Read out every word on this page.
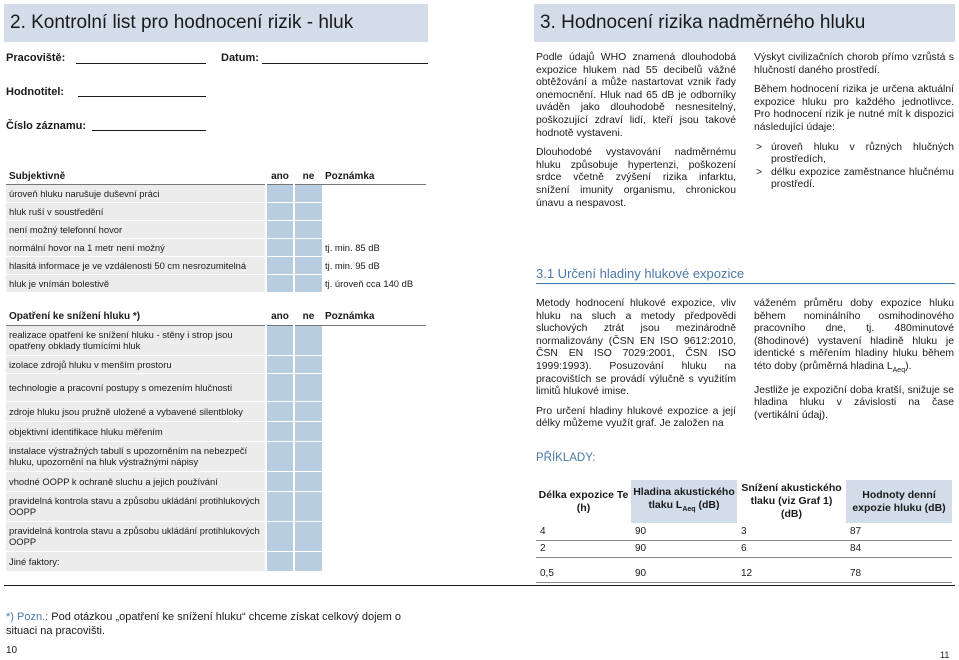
2. Kontrolní list pro hodnocení rizik - hluk
Pracoviště:	Datum:
Hodnotitel:
Číslo záznamu:
Subjektivně	ano	ne	Poznámka
úroveň hluku narušuje duševní práci			
hluk ruší v soustředění			
není možný telefonní hovor			
normální hovor na 1 metr není možný			tj. min. 85 dB
hlasitá informace je ve vzdálenosti 50 cm nesrozumitelná			tj. min. 95 dB
hluk je vnímán bolestivě			tj. úroveň cca 140 dB
Opatření ke snížení hluku *)	ano	ne	Poznámka
realizace opatření ke snížení hluku - stěny i strop jsou opatřeny obklady tlumícími hluk			
izolace zdrojů hluku v menším prostoru			
technologie a pracovní postupy s omezením hlučnosti			
zdroje hluku jsou pružně uložené a vybavené silentbloky			
objektivní identifikace hluku měřením			
instalace výstražných tabulí s upozorněním na nebezpečí hluku, upozornění na hluk výstražnými nápisy			
vhodné OOPP k ochraně sluchu a jejich používání			
pravidelná kontrola stavu a způsobu ukládání protihlukových OOPP			
pravidelná kontrola stavu a způsobu ukládání protihlukových OOPP			
Jiné faktory:			
*) Pozn.: Pod otázkou „opatření ke snížení hluku“ chceme získat celkový dojem o situaci na pracovišti.
10
3. Hodnocení rizika nadměrného hluku

Podle údajů WHO znamená dlouhodobá expozice hlukem nad 55 decibelů vážné obtěžování a může nastartovat vznik řady onemocnění. Hluk nad 65 dB je odborníky uváděn jako dlouhodobě nesnesitelný, poškozující zdraví lidí, kteří jsou takové hodnotě vystaveni.

Dlouhodobé vystavování nadměrnému hluku způsobuje hypertenzi, poškození srdce včetně zvýšení rizika infarktu, snížení imunity organismu, chronickou únavu a nespavost.

Výskyt civilizačních chorob přímo vzrůstá s hlučností daného prostředí.

Během hodnocení rizika je určena aktuální expozice hluku pro každého jednotlivce. Pro hodnocení rizik je nutné mít k dispozici následující údaje:

> úroveň hluku v různých hlučných prostředích,
> délku expozice zaměstnance hlučnému prostředí.
3.1 Určení hladiny hlukové expozice

Metody hodnocení hlukové expozice, vliv hluku na sluch a metody předpovědi sluchových ztrát jsou mezinárodně normalizovány (ČSN EN ISO 9612:2010, ČSN EN ISO 7029:2001, ČSN ISO 1999:1993). Posuzování hluku na pracovištích se provádí výlučně s využitím limitů hlukové imise.

Pro určení hladiny hlukové expozice a její délky můžeme využít graf. Je založen na

váženém průměru doby expozice hluku během nominálního osmihodinového pracovního dne, tj. 480minutové (8hodinové) vystavení hladině hluku je identické s měřením hladiny hluku během této doby (průměrná hladina $L_{Aeq}$).

Jestliže je expoziční doba kratší, snižuje se hladina hluku v závislosti na čase (vertikální údaj).

PŘÍKLADY:
Délka expozice Te (h)	Hladina akustického tlaku $L_{Aeq}$ (dB)	Snížení akustického tlaku (viz Graf 1) (dB)	Hodnoty denní expozie hluku (dB)
4	90	3	87
2	90	6	84

0,5	90	12	78
11
